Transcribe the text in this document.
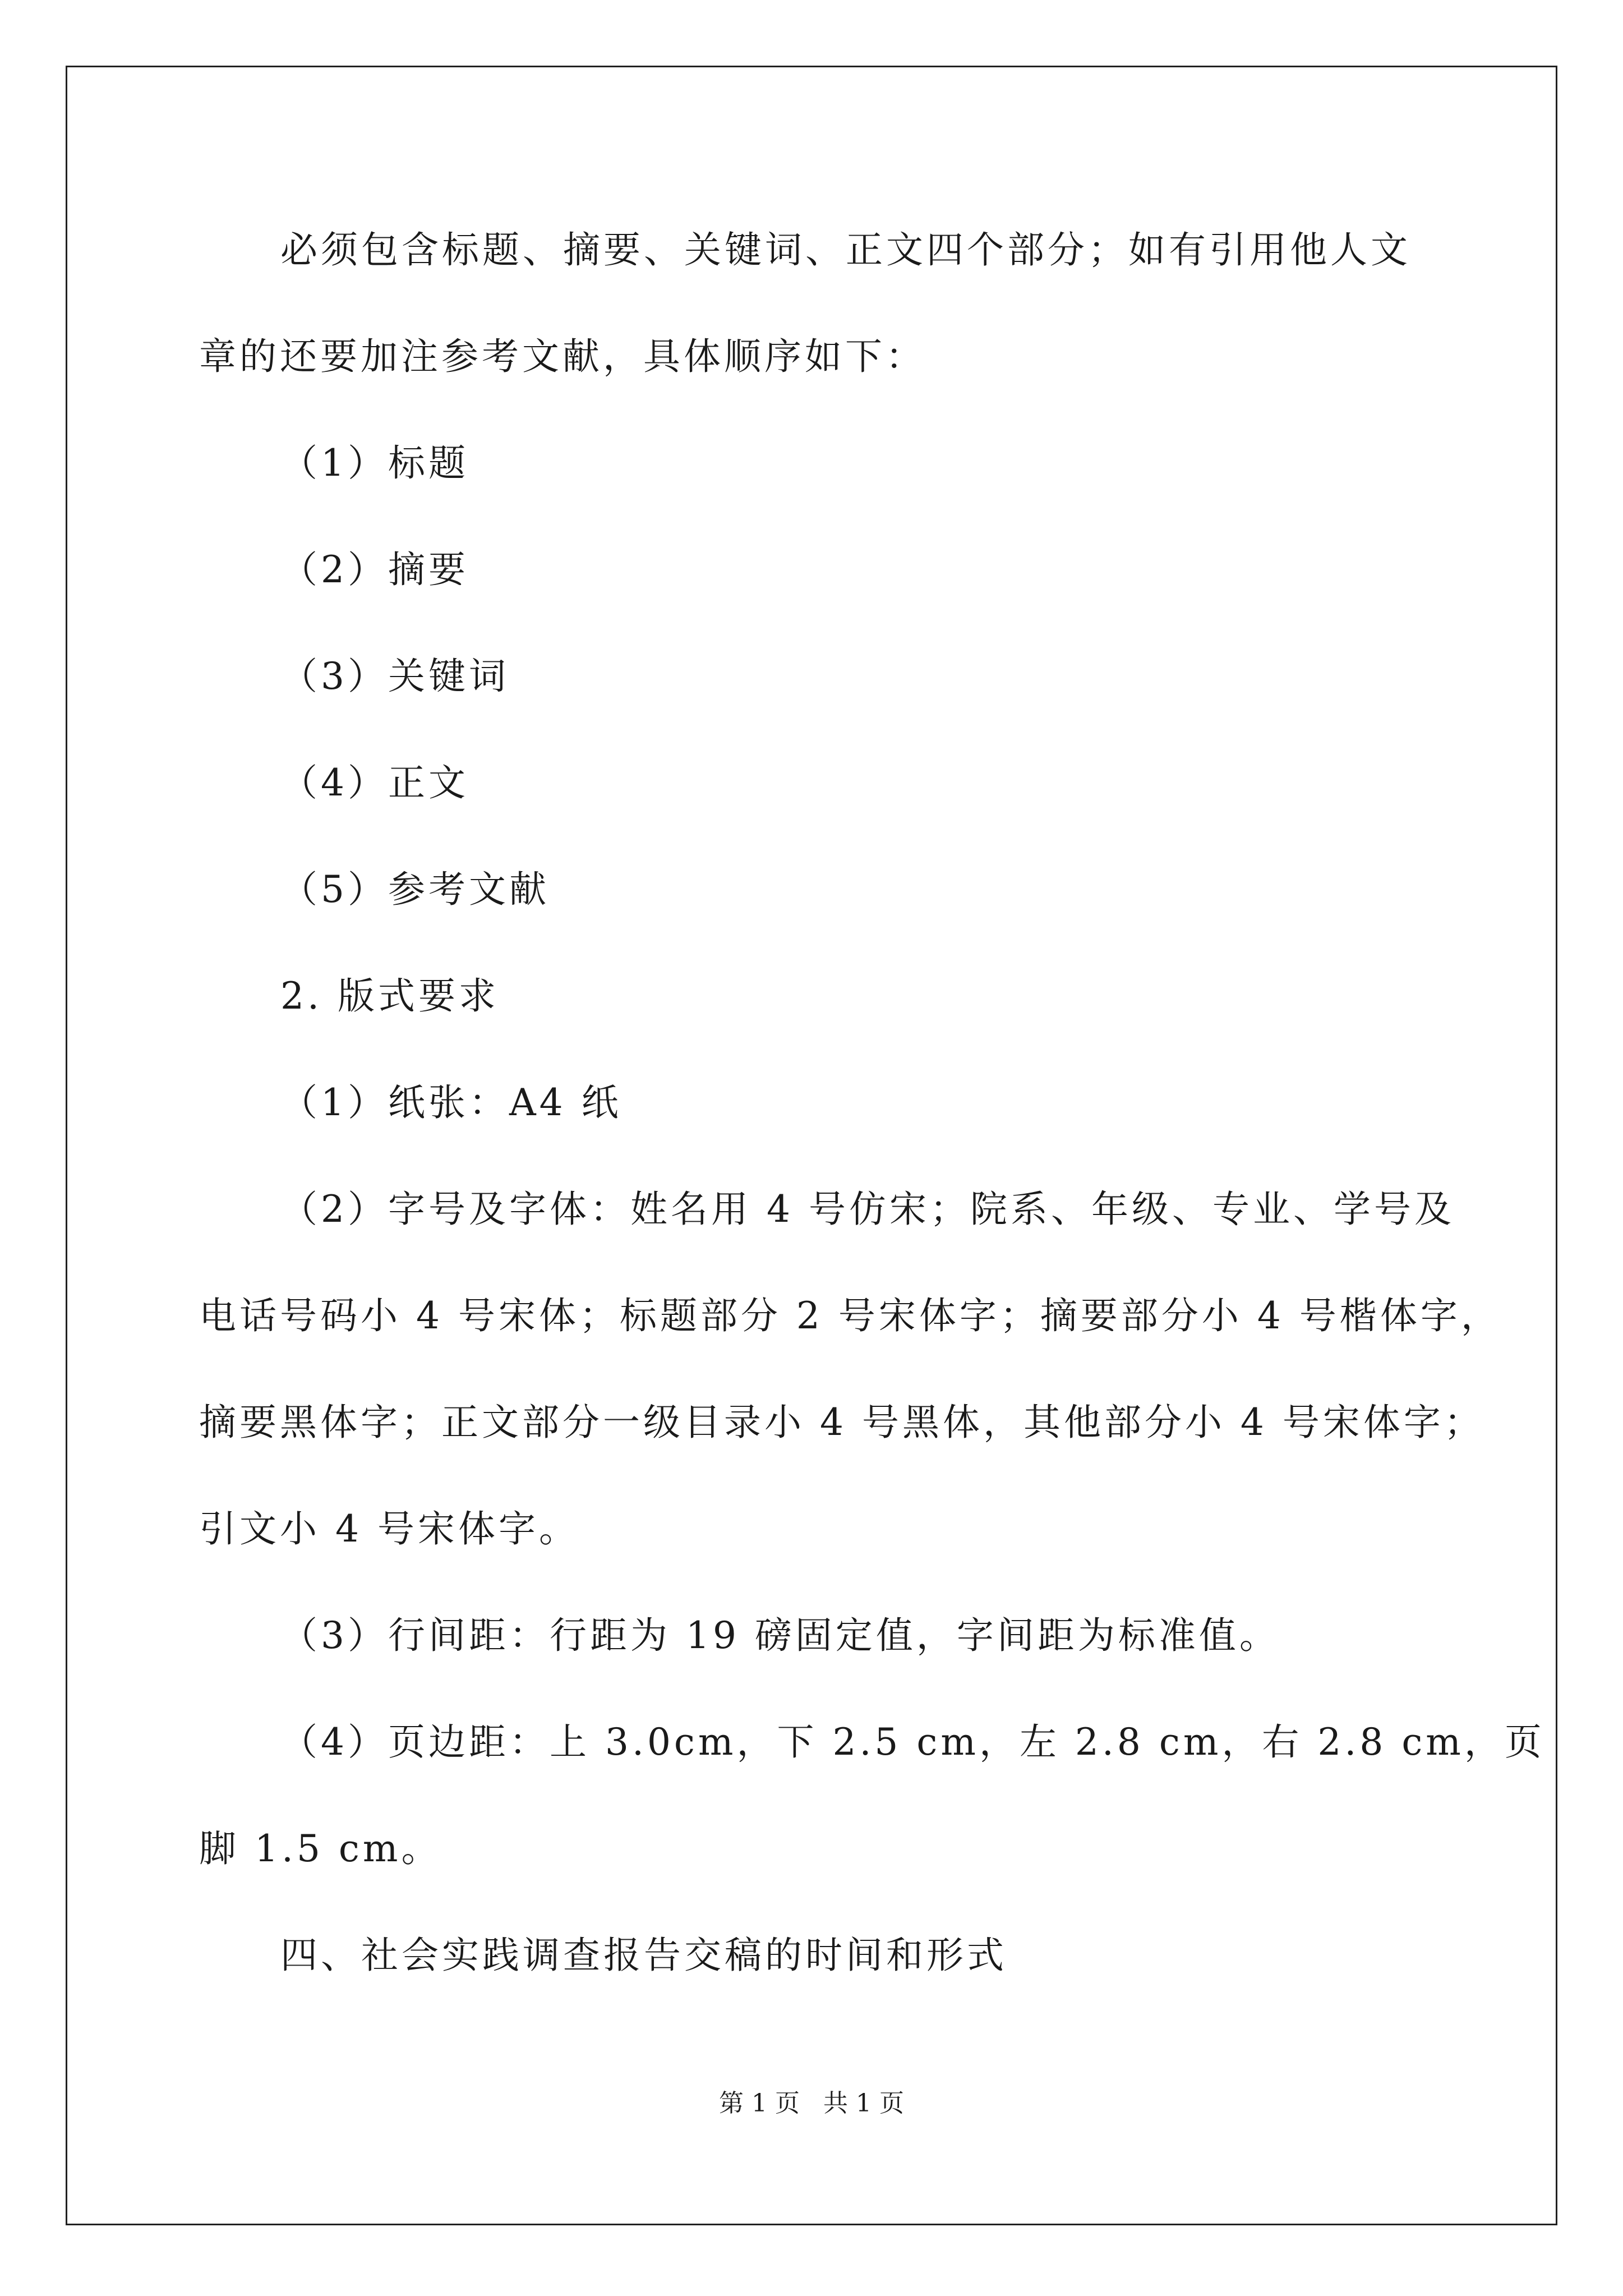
必须包含标题、摘要、关键词、正文四个部分；如有引用他人文
章的还要加注参考文献，具体顺序如下：
（1）标题
（2）摘要
（3）关键词
（4）正文
（5）参考文献
2. 版式要求
（1）纸张：A4 纸
（2）字号及字体：姓名用 4 号仿宋；院系、年级、专业、学号及
电话号码小 4 号宋体；标题部分 2 号宋体字；摘要部分小 4 号楷体字，
摘要黑体字；正文部分一级目录小 4 号黑体，其他部分小 4 号宋体字；
引文小 4 号宋体字。
（3）行间距：行距为 19 磅固定值，字间距为标准值。
（4）页边距：上 3.0cm，下 2.5 cm，左 2.8 cm，右 2.8 cm，页
脚 1.5 cm。
四、社会实践调查报告交稿的时间和形式
第 1 页   共 1 页
